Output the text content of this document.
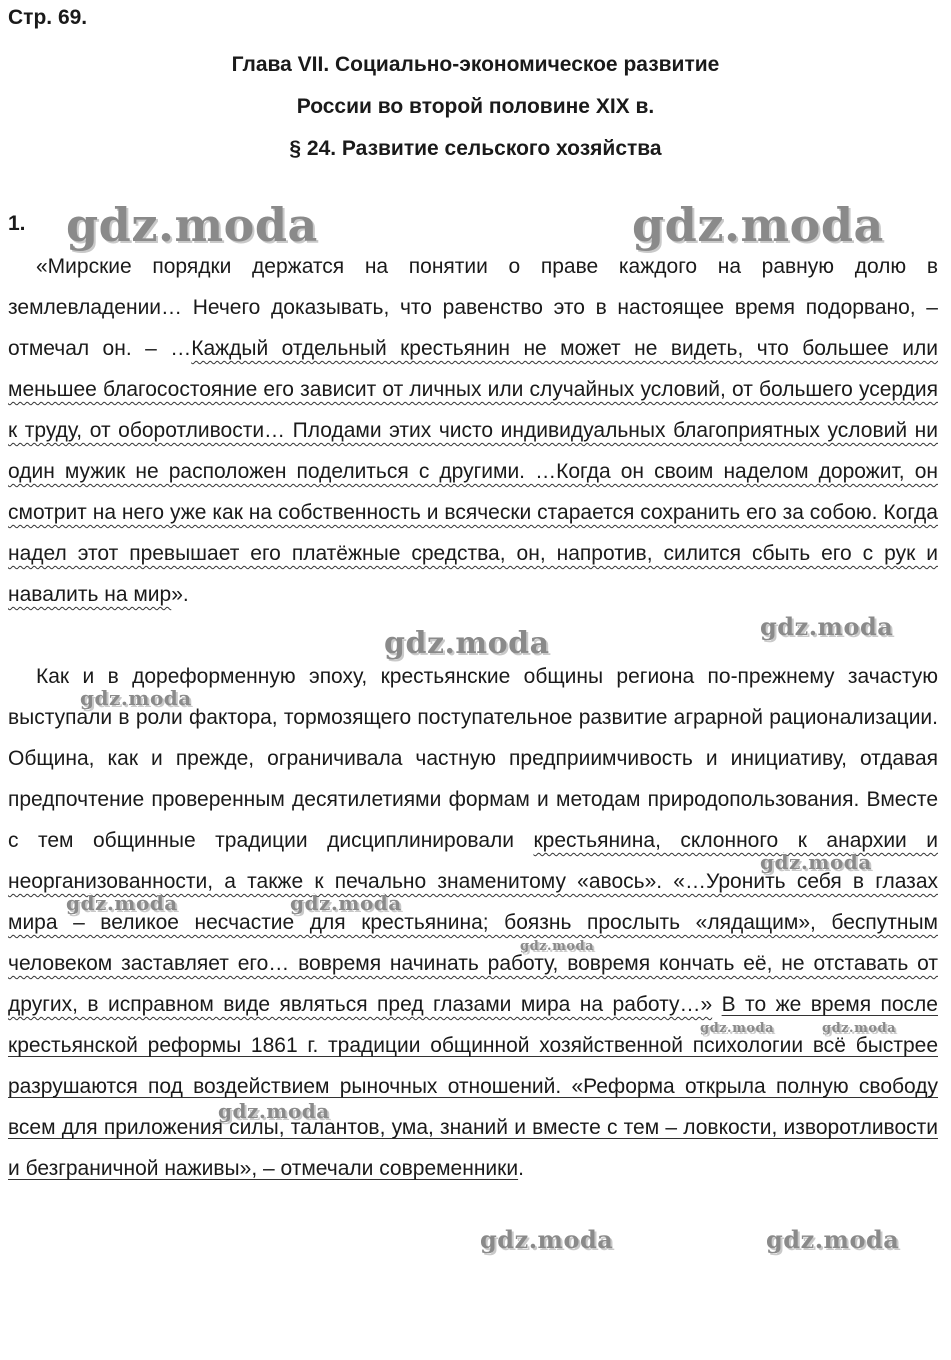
Стр. 69.
Глава VII. Социально-экономическое развитие
России во второй половине XIX в.
§ 24. Развитие сельского хозяйства
1.

«Мирские порядки держатся на понятии о праве каждого на равную долю в землевладении… Нечего доказывать, что равенство это в настоящее время подорвано, – отмечал он. – …Каждый отдельный крестьянин не может не видеть, что большее или меньшее благосостояние его зависит от личных или случайных условий, от большего усердия к труду, от оборотливости… Плодами этих чисто индивидуальных благоприятных условий ни один мужик не расположен поделиться с другими. …Когда он своим наделом дорожит, он смотрит на него уже как на собственность и всячески старается сохранить его за собою. Когда надел этот превышает его платёжные средства, он, напротив, силится сбыть его с рук и навалить на мир».

Как и в дореформенную эпоху, крестьянские общины региона по-прежнему зачастую выступали в роли фактора, тормозящего поступательное развитие аграрной рационализации. Община, как и прежде, ограничивала частную предприимчивость и инициативу, отдавая предпочтение проверенным десятилетиями формам и методам природопользования. Вместе с тем общинные традиции дисциплинировали крестьянина, склонного к анархии и неорганизованности, а также к печально знаменитому «авось». «…Уронить себя в глазах мира – великое несчастие для крестьянина; боязнь прослыть «лядащим», беспутным человеком заставляет его… вовремя начинать работу, вовремя кончать её, не отставать от других, в исправном виде являться пред глазами мира на работу…» В то же время после крестьянской реформы 1861 г. традиции общинной хозяйственной психологии всё быстрее разрушаются под воздействием рыночных отношений. «Реформа открыла полную свободу всем для приложения силы, талантов, ума, знаний и вместе с тем – ловкости, изворотливости и безграничной наживы», – отмечали современники.

gdz.moda	gdz.moda
gdz.moda	gdz.moda
gdz.moda
gdz.moda
gdz.moda	gdz.moda
gdz.moda
gdz.moda	gdz.moda
gdz.moda
gdz.moda	gdz.moda
